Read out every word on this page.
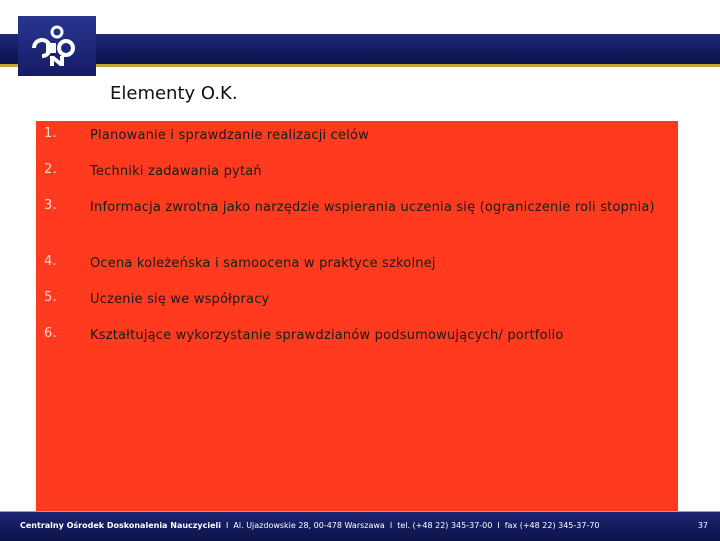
Elementy O.K.
1.	Planowanie i sprawdzanie realizacji celów
2.	Techniki zadawania pytań
3.	Informacja zwrotna jako narzędzie wspierania uczenia się (ograniczenie roli stopnia)
4.	Ocena koleżeńska i samoocena w praktyce szkolnej
5.	Uczenie się we współpracy
6.	Kształtujące wykorzystanie sprawdzianów podsumowujących/ portfolio
Centralny Ośrodek Doskonalenia Nauczycieli I Al. Ujazdowskie 28, 00-478 Warszawa I tel. (+48 22) 345-37-00 I fax (+48 22) 345-37-70	37
